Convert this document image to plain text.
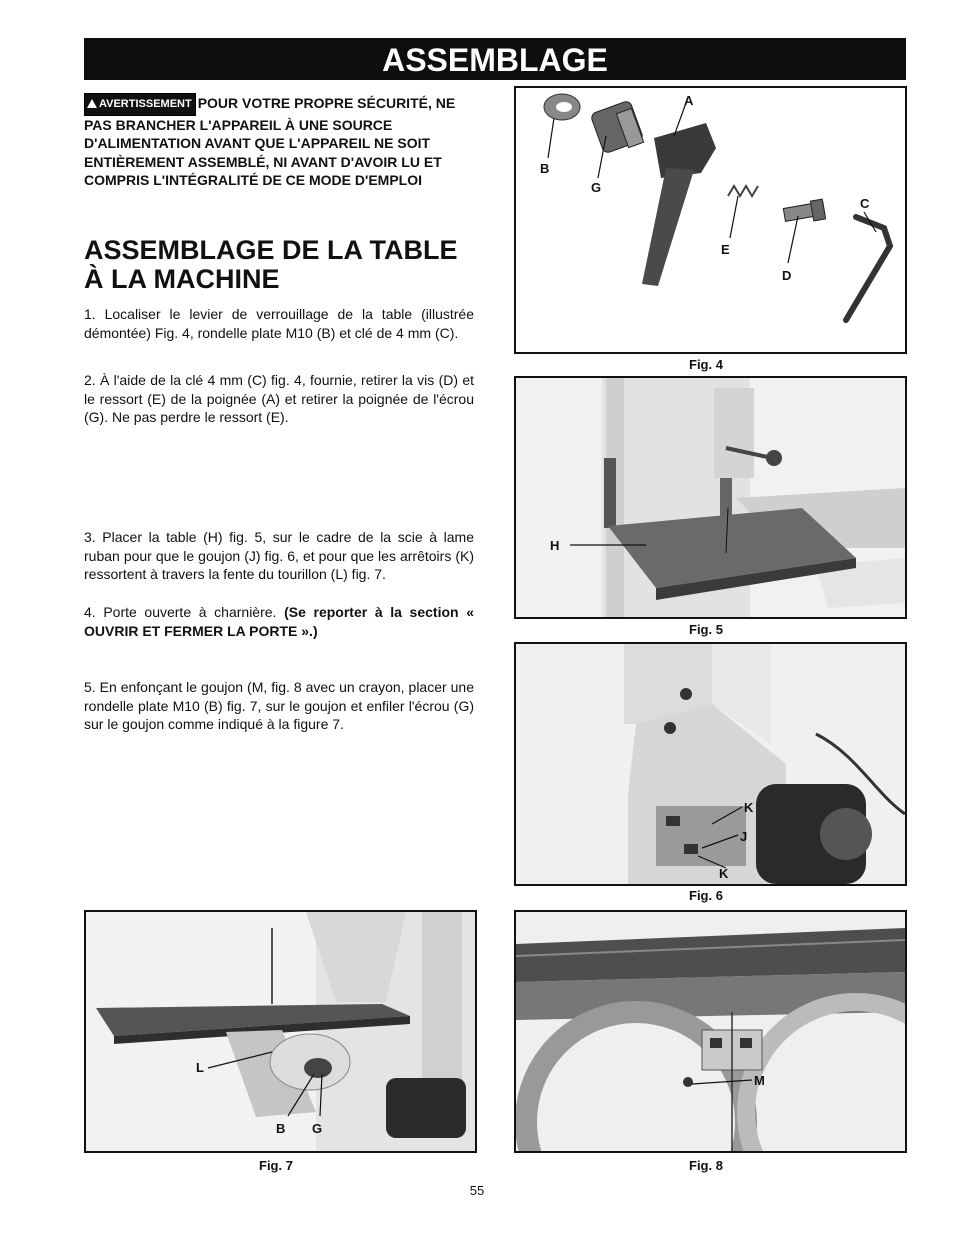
ASSEMBLAGE
AVERTISSEMENT POUR VOTRE PROPRE SÉCURITÉ, NE PAS BRANCHER L'APPAREIL À UNE SOURCE D'ALIMENTATION AVANT QUE L'APPAREIL NE SOIT ENTIÈREMENT ASSEMBLÉ, NI AVANT D'AVOIR LU ET COMPRIS L'INTÉGRALITÉ DE CE MODE D'EMPLOI
ASSEMBLAGE DE LA TABLE
À LA MACHINE

1. Localiser le levier de verrouillage de la table (illustrée démontée) Fig. 4, rondelle plate M10 (B) et clé de 4 mm (C).

2. À l'aide de la clé 4 mm (C) fig. 4, fournie, retirer la vis (D) et le ressort (E) de la poignée (A) et retirer la poignée de l'écrou (G). Ne pas perdre le ressort (E).

3. Placer la table (H) fig. 5, sur le cadre de la scie à lame ruban pour que le goujon (J) fig. 6, et pour que les arrêtoirs (K) ressortent à travers la fente du tourillon (L) fig. 7.

4. Porte ouverte à charnière. (Se reporter à la section « OUVRIR ET FERMER LA PORTE ».)

5. En enfonçant le goujon (M, fig. 8 avec un crayon, placer une rondelle plate M10 (B) fig. 7, sur le goujon et enfiler l'écrou (G) sur le goujon comme indiqué à la figure 7.

A
B
G
C
E
D
Fig. 4
H
Fig. 5
K
J
K
Fig. 6
L
B G
Fig. 7
M
Fig. 8
55
